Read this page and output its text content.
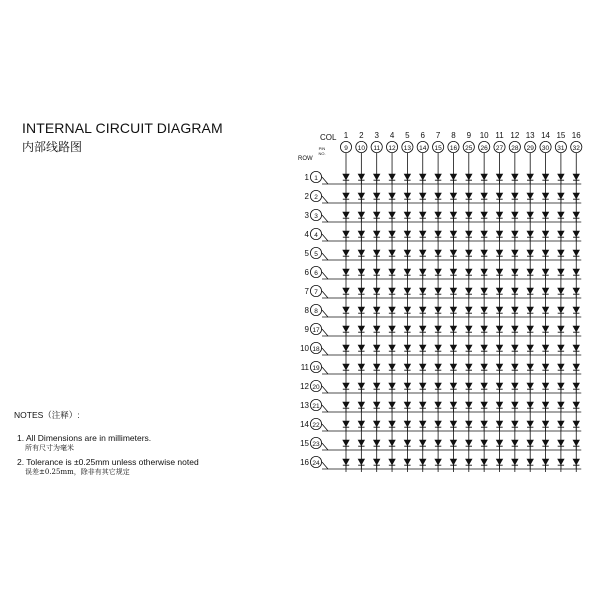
INTERNAL CIRCUIT DIAGRAM
内部线路图
NOTES（注释）:
1. All Dimensions are in millimeters.
所有尺寸为毫米
2. Tolerance is ±0.25mm unless otherwise noted
误差±0.25mm，除非有其它规定
COL
ROW
PIN
NO.
1
9
2
10
3
11
4
12
5
13
6
14
7
15
8
16
9
25
10
26
11
27
12
28
13
29
14
30
15
31
16
32
1 1
2 2
3 3
4 4
5 5
6 6
7 7
8 8
9 17
10 18
11 19
12 20
13 21
14 22
15 23
16 24
